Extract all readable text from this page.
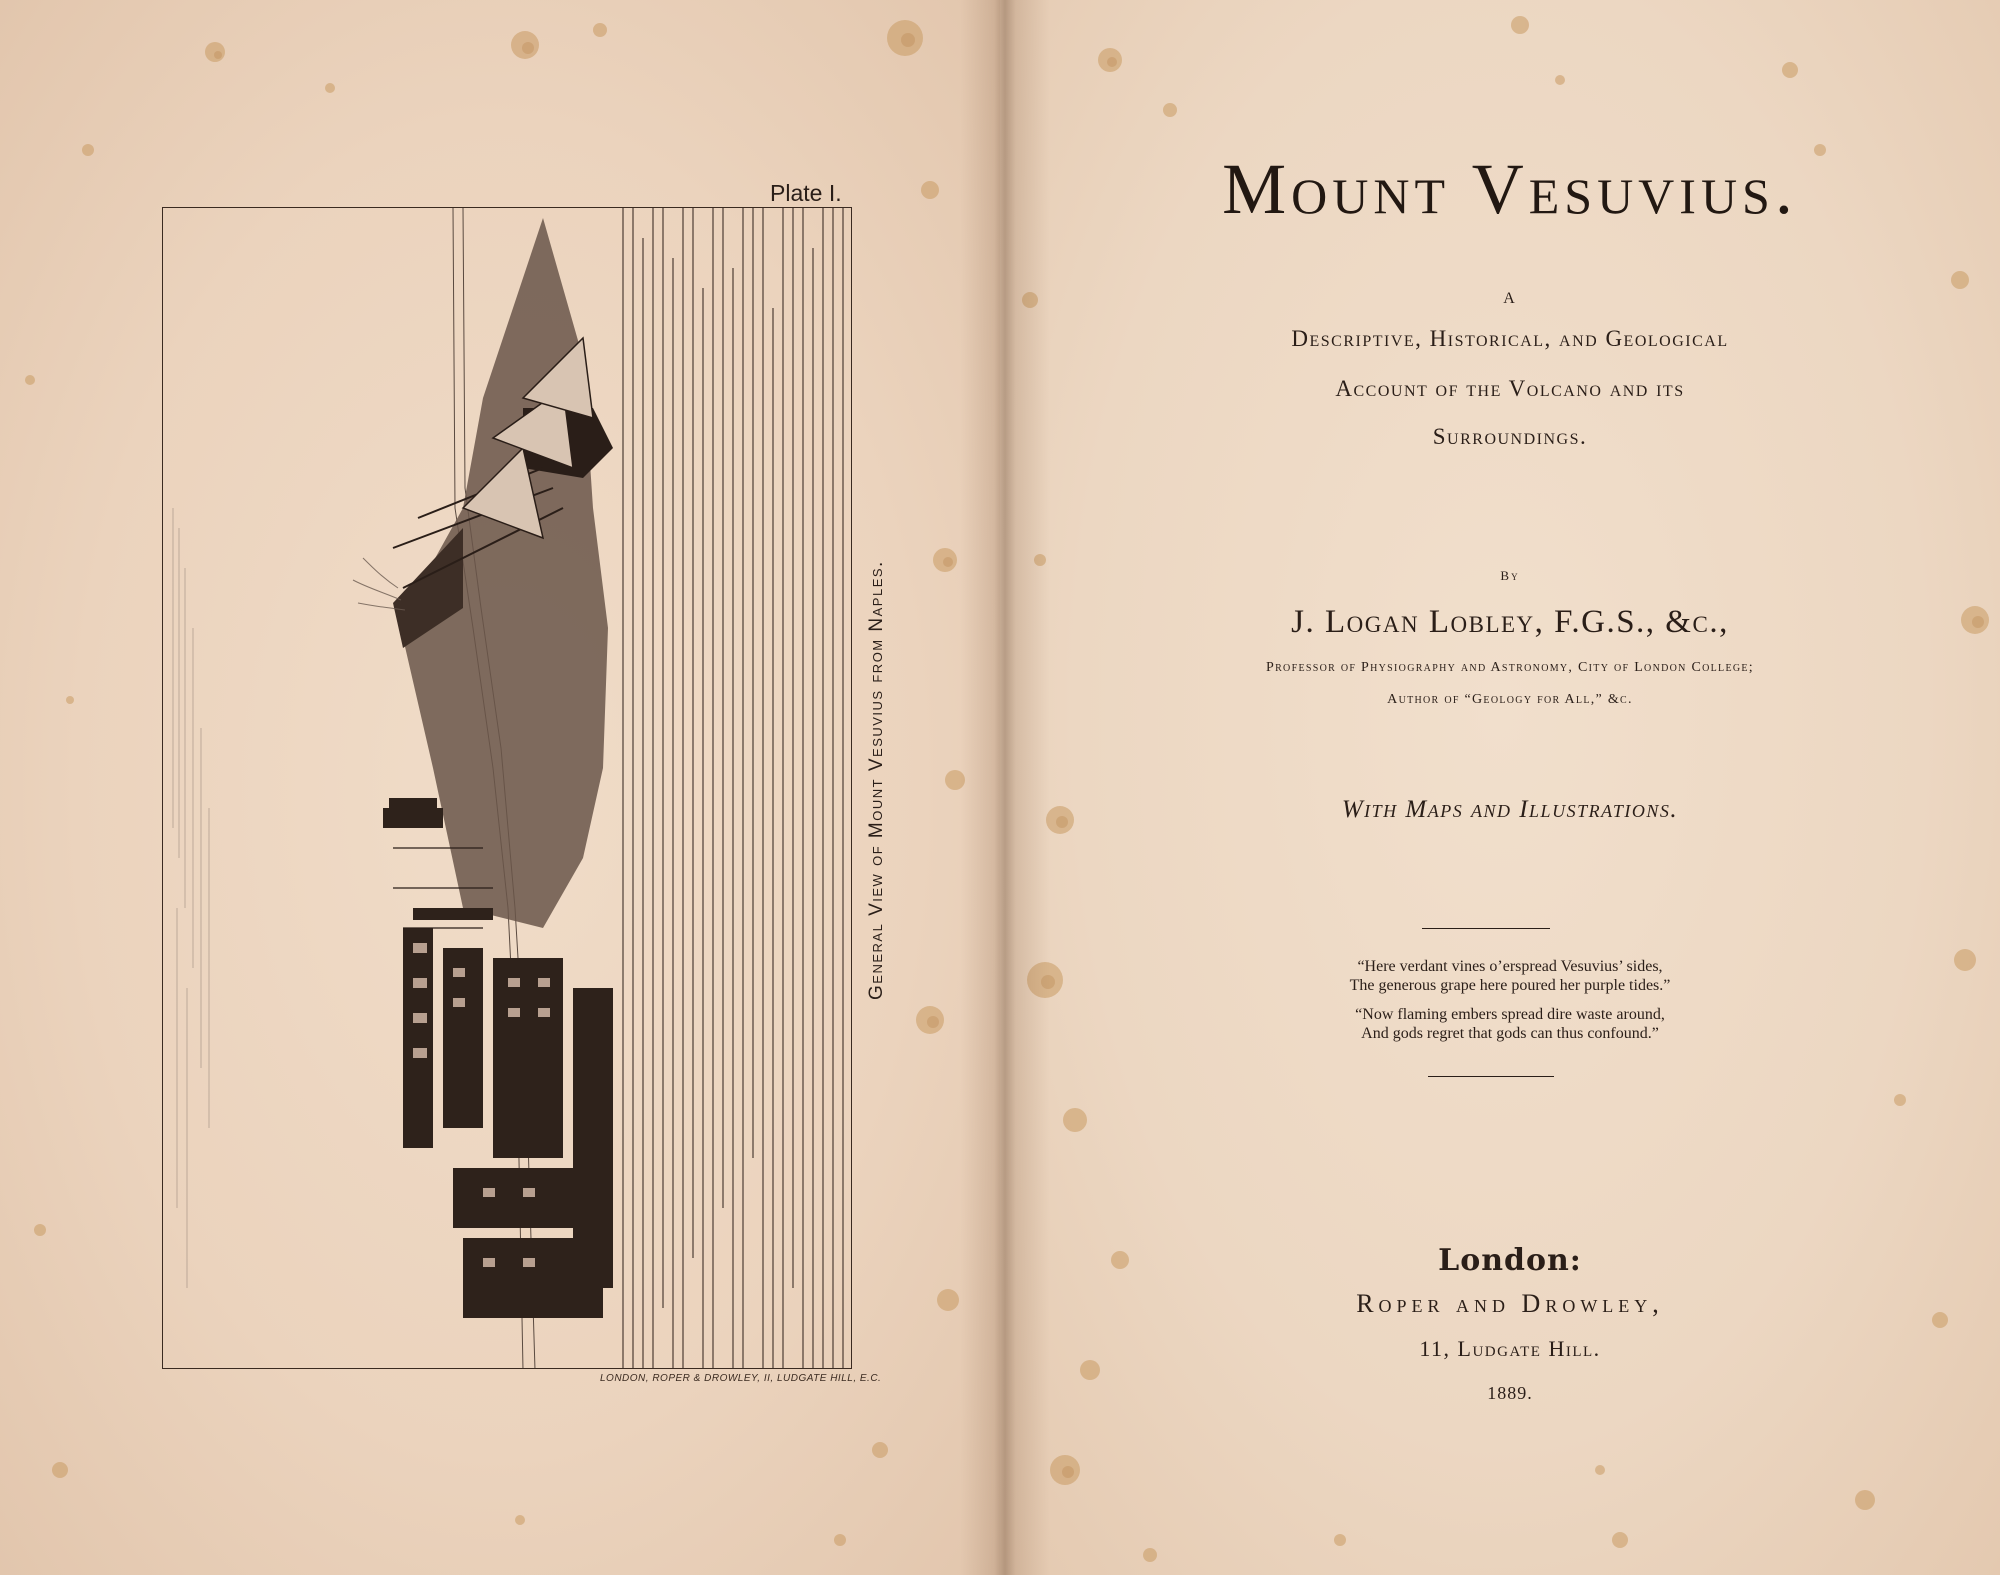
Plate I.
General View of Mount Vesuvius from Naples.
LONDON, ROPER & DROWLEY, II, LUDGATE HILL, E.C.
Mount Vesuvius.
A
Descriptive, Historical, and Geological
Account of the Volcano and its
Surroundings.
By
J. Logan Lobley, F.G.S., &c.,
Professor of Physiography and Astronomy, City of London College;
Author of “Geology for All,” &c.
With Maps and Illustrations.
“Here verdant vines o’erspread Vesuvius’ sides,
The generous grape here poured her purple tides.”
“Now flaming embers spread dire waste around,
And gods regret that gods can thus confound.”
London:
Roper and Drowley,
11, Ludgate Hill.
1889.
